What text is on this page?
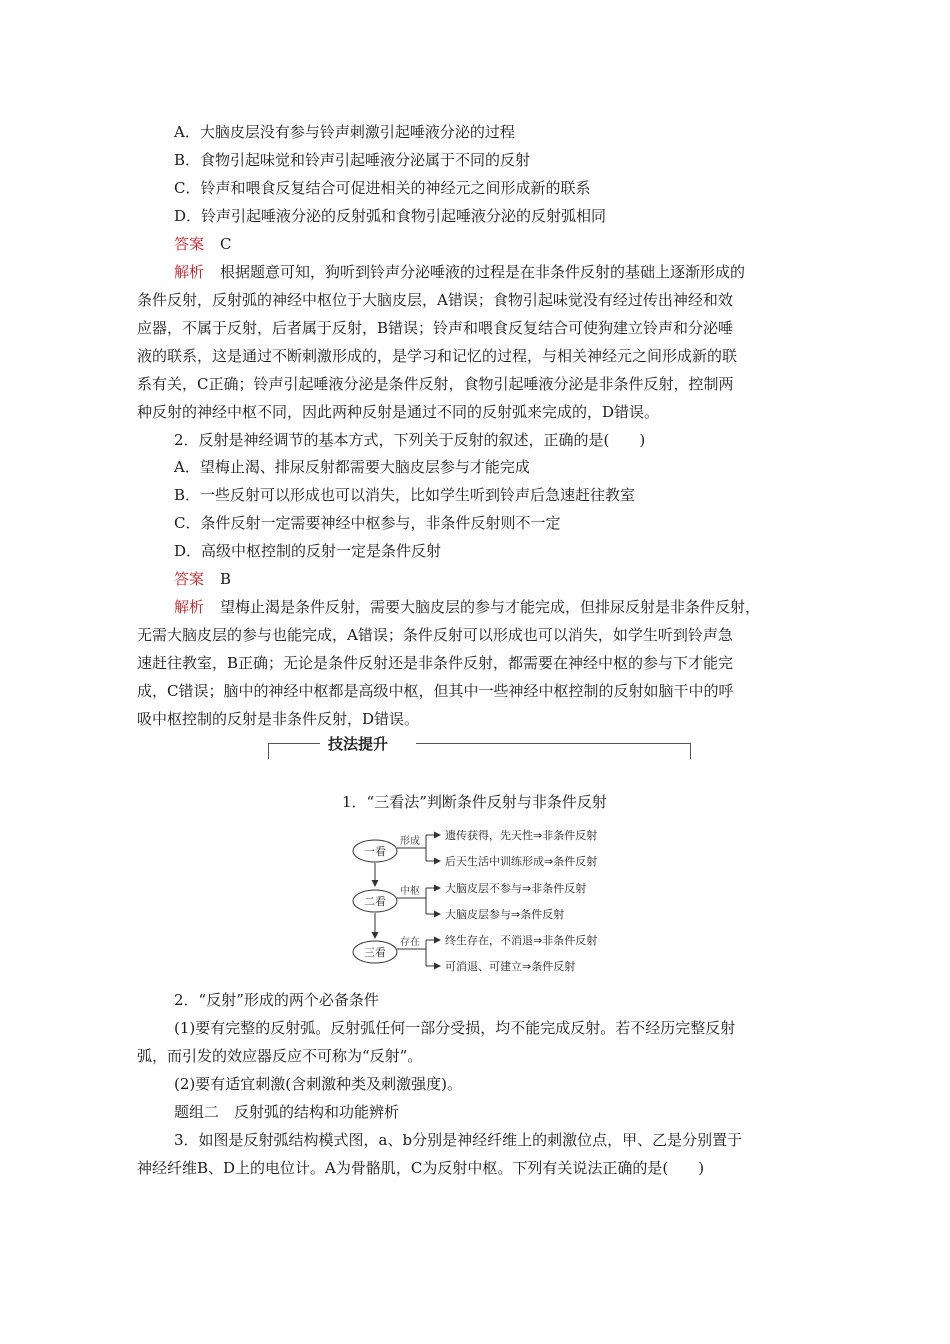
A．大脑皮层没有参与铃声刺激引起唾液分泌的过程
B．食物引起味觉和铃声引起唾液分泌属于不同的反射
C．铃声和喂食反复结合可促进相关的神经元之间形成新的联系
D．铃声引起唾液分泌的反射弧和食物引起唾液分泌的反射弧相同
答案 C
解析 根据题意可知，狗听到铃声分泌唾液的过程是在非条件反射的基础上逐渐形成的
条件反射，反射弧的神经中枢位于大脑皮层，A错误；食物引起味觉没有经过传出神经和效
应器，不属于反射，后者属于反射，B错误；铃声和喂食反复结合可使狗建立铃声和分泌唾
液的联系，这是通过不断刺激形成的，是学习和记忆的过程，与相关神经元之间形成新的联
系有关，C正确；铃声引起唾液分泌是条件反射，食物引起唾液分泌是非条件反射，控制两
种反射的神经中枢不同，因此两种反射是通过不同的反射弧来完成的，D错误。
2．反射是神经调节的基本方式，下列关于反射的叙述，正确的是(　　)
A．望梅止渴、排尿反射都需要大脑皮层参与才能完成
B．一些反射可以形成也可以消失，比如学生听到铃声后急速赶往教室
C．条件反射一定需要神经中枢参与，非条件反射则不一定
D．高级中枢控制的反射一定是条件反射
答案 B
解析 望梅止渴是条件反射，需要大脑皮层的参与才能完成，但排尿反射是非条件反射，
无需大脑皮层的参与也能完成，A错误；条件反射可以形成也可以消失，如学生听到铃声急
速赶往教室，B正确；无论是条件反射还是非条件反射，都需要在神经中枢的参与下才能完
成，C错误；脑中的神经中枢都是高级中枢，但其中一些神经中枢控制的反射如脑干中的呼
吸中枢控制的反射是非条件反射，D错误。
技法提升
1．“三看法”判断条件反射与非条件反射
一看
二看
三看
形成
中枢
存在
遗传获得，先天性⇒非条件反射
后天生活中训练形成⇒条件反射
大脑皮层不参与⇒非条件反射
大脑皮层参与⇒条件反射
终生存在，不消退⇒非条件反射
可消退、可建立⇒条件反射
2．“反射”形成的两个必备条件
(1)要有完整的反射弧。反射弧任何一部分受损，均不能完成反射。若不经历完整反射
弧，而引发的效应器反应不可称为“反射”。
(2)要有适宜刺激(含刺激种类及刺激强度)。
题组二　反射弧的结构和功能辨析
3．如图是反射弧结构模式图，a、b分别是神经纤维上的刺激位点，甲、乙是分别置于
神经纤维B、D上的电位计。A为骨骼肌，C为反射中枢。下列有关说法正确的是(　　)
